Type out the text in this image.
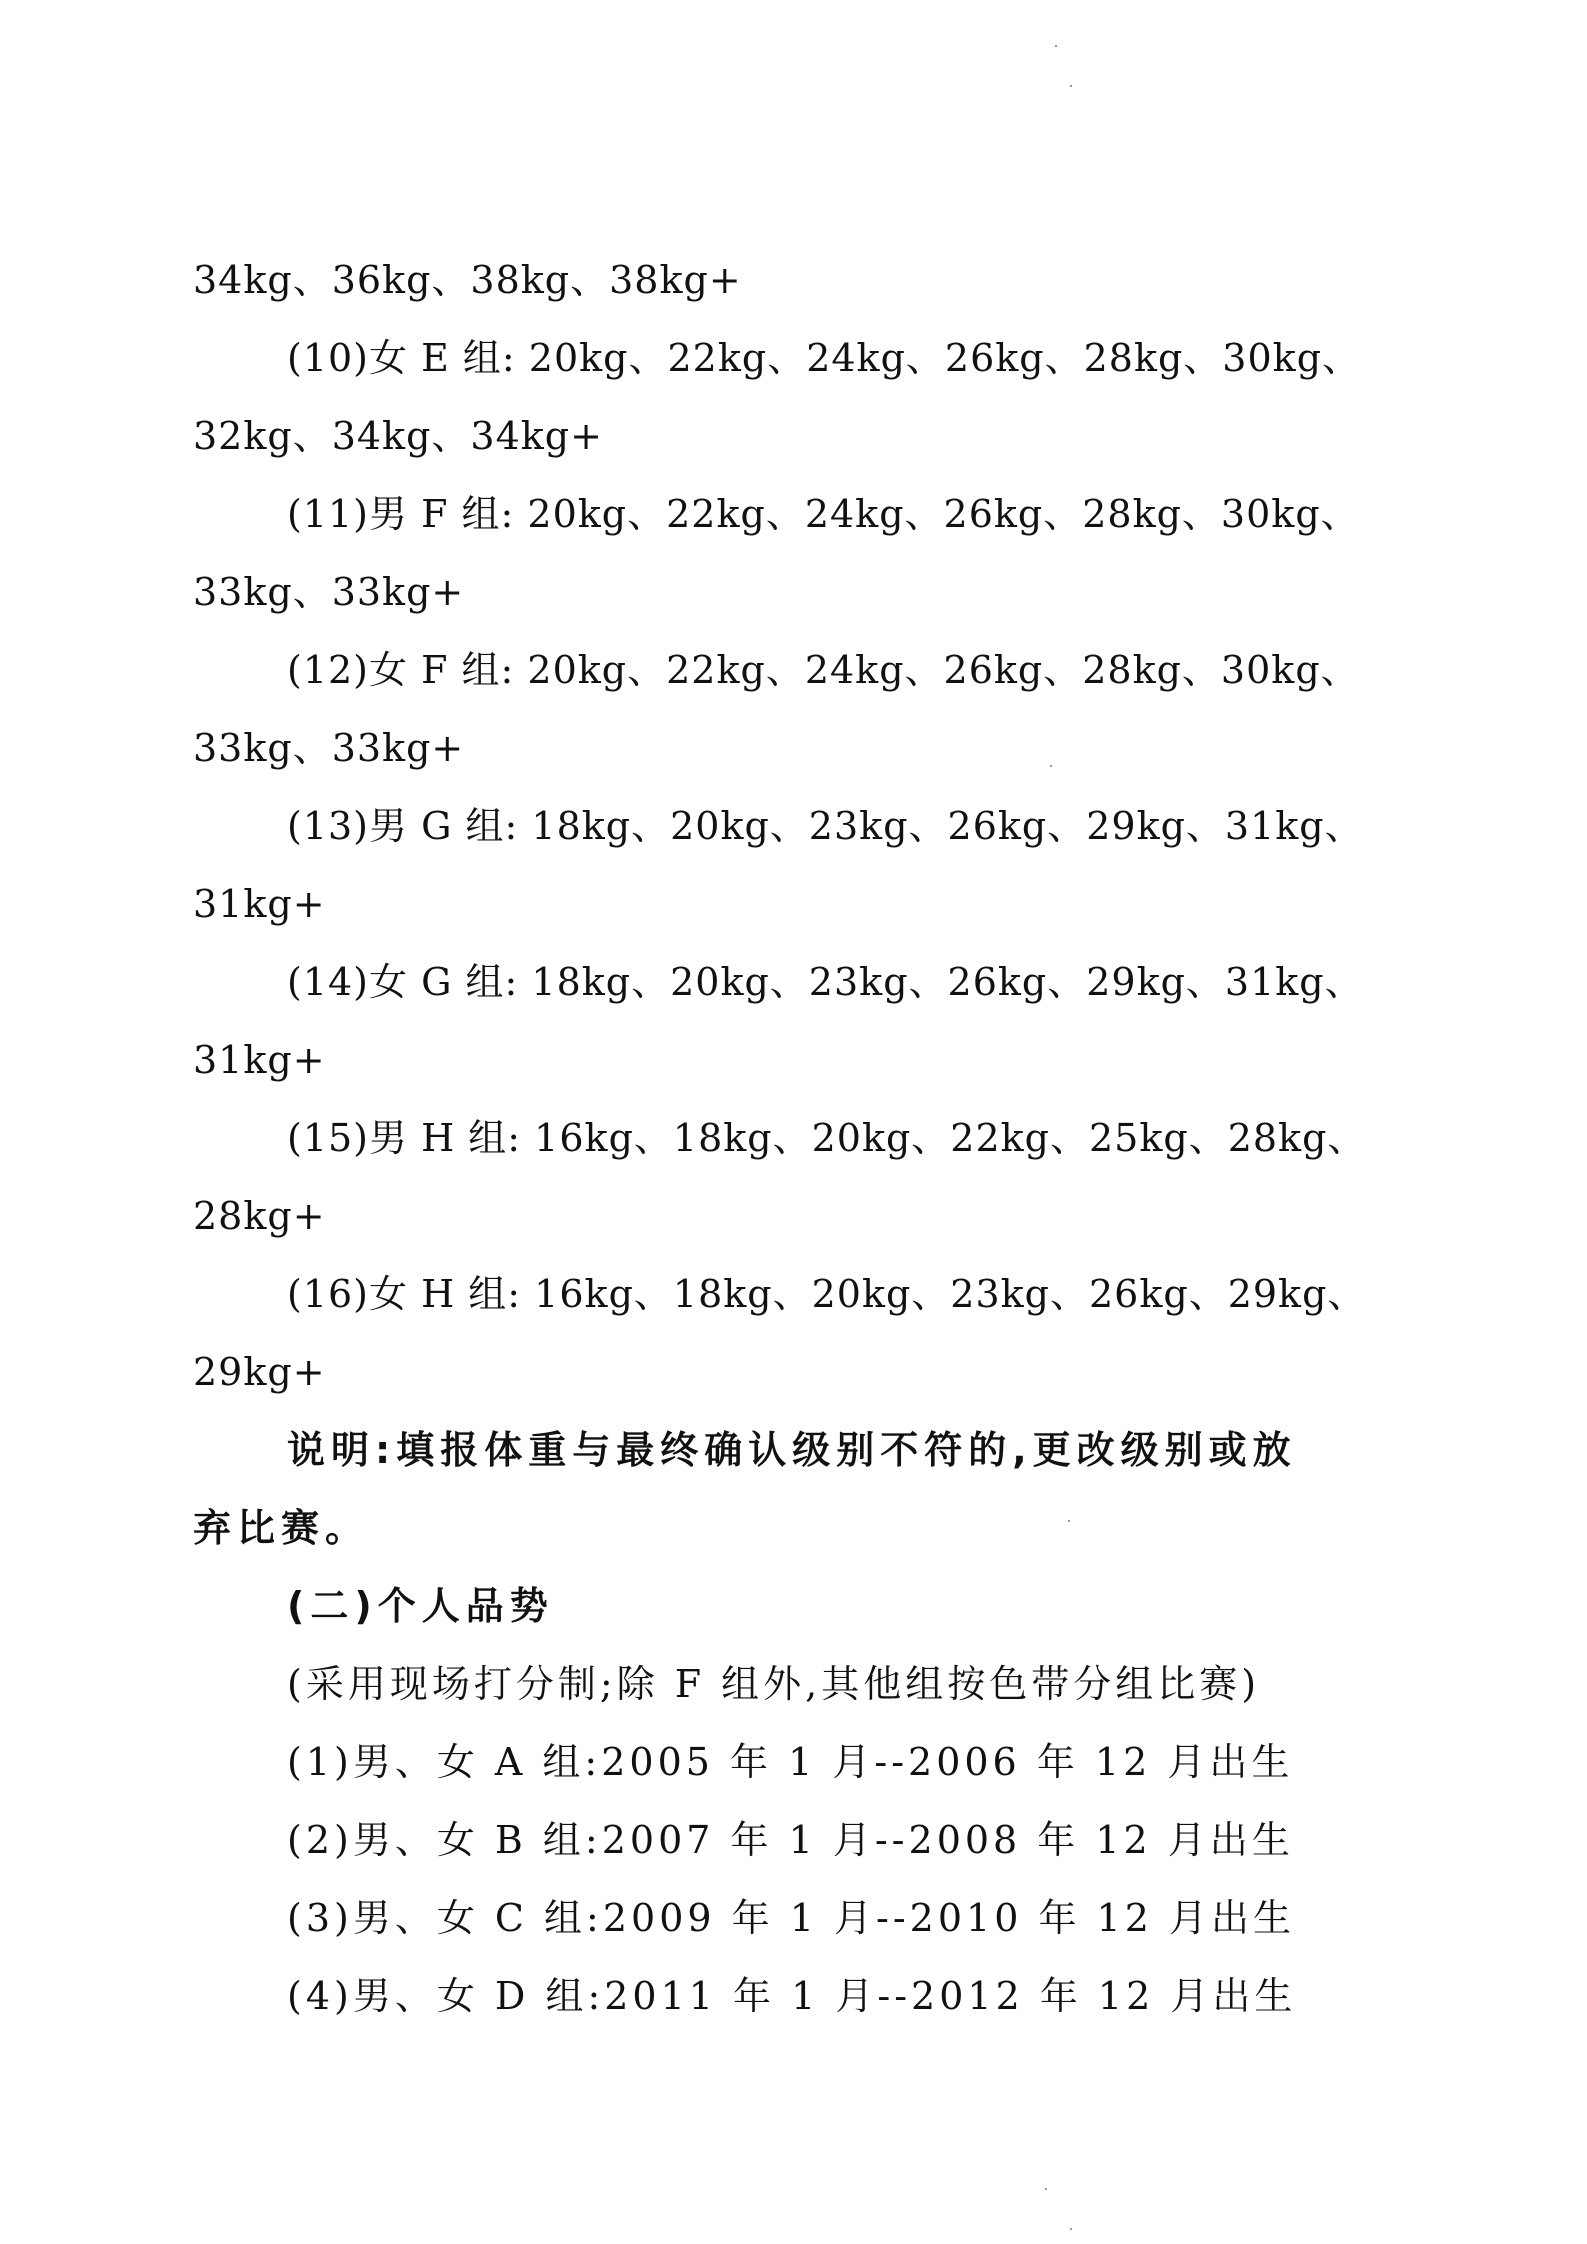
34kg、36kg、38kg、38kg+
(10)女 E 组: 20kg、22kg、24kg、26kg、28kg、30kg、
32kg、34kg、34kg+
(11)男 F 组: 20kg、22kg、24kg、26kg、28kg、30kg、
33kg、33kg+
(12)女 F 组: 20kg、22kg、24kg、26kg、28kg、30kg、
33kg、33kg+
(13)男 G 组: 18kg、20kg、23kg、26kg、29kg、31kg、
31kg+
(14)女 G 组: 18kg、20kg、23kg、26kg、29kg、31kg、
31kg+
(15)男 H 组: 16kg、18kg、20kg、22kg、25kg、28kg、
28kg+
(16)女 H 组: 16kg、18kg、20kg、23kg、26kg、29kg、
29kg+
说明:填报体重与最终确认级别不符的,更改级别或放
弃比赛。
(二)个人品势
(采用现场打分制;除 F 组外,其他组按色带分组比赛)
(1)男、女 A 组:2005 年 1 月--2006 年 12 月出生
(2)男、女 B 组:2007 年 1 月--2008 年 12 月出生
(3)男、女 C 组:2009 年 1 月--2010 年 12 月出生
(4)男、女 D 组:2011 年 1 月--2012 年 12 月出生
